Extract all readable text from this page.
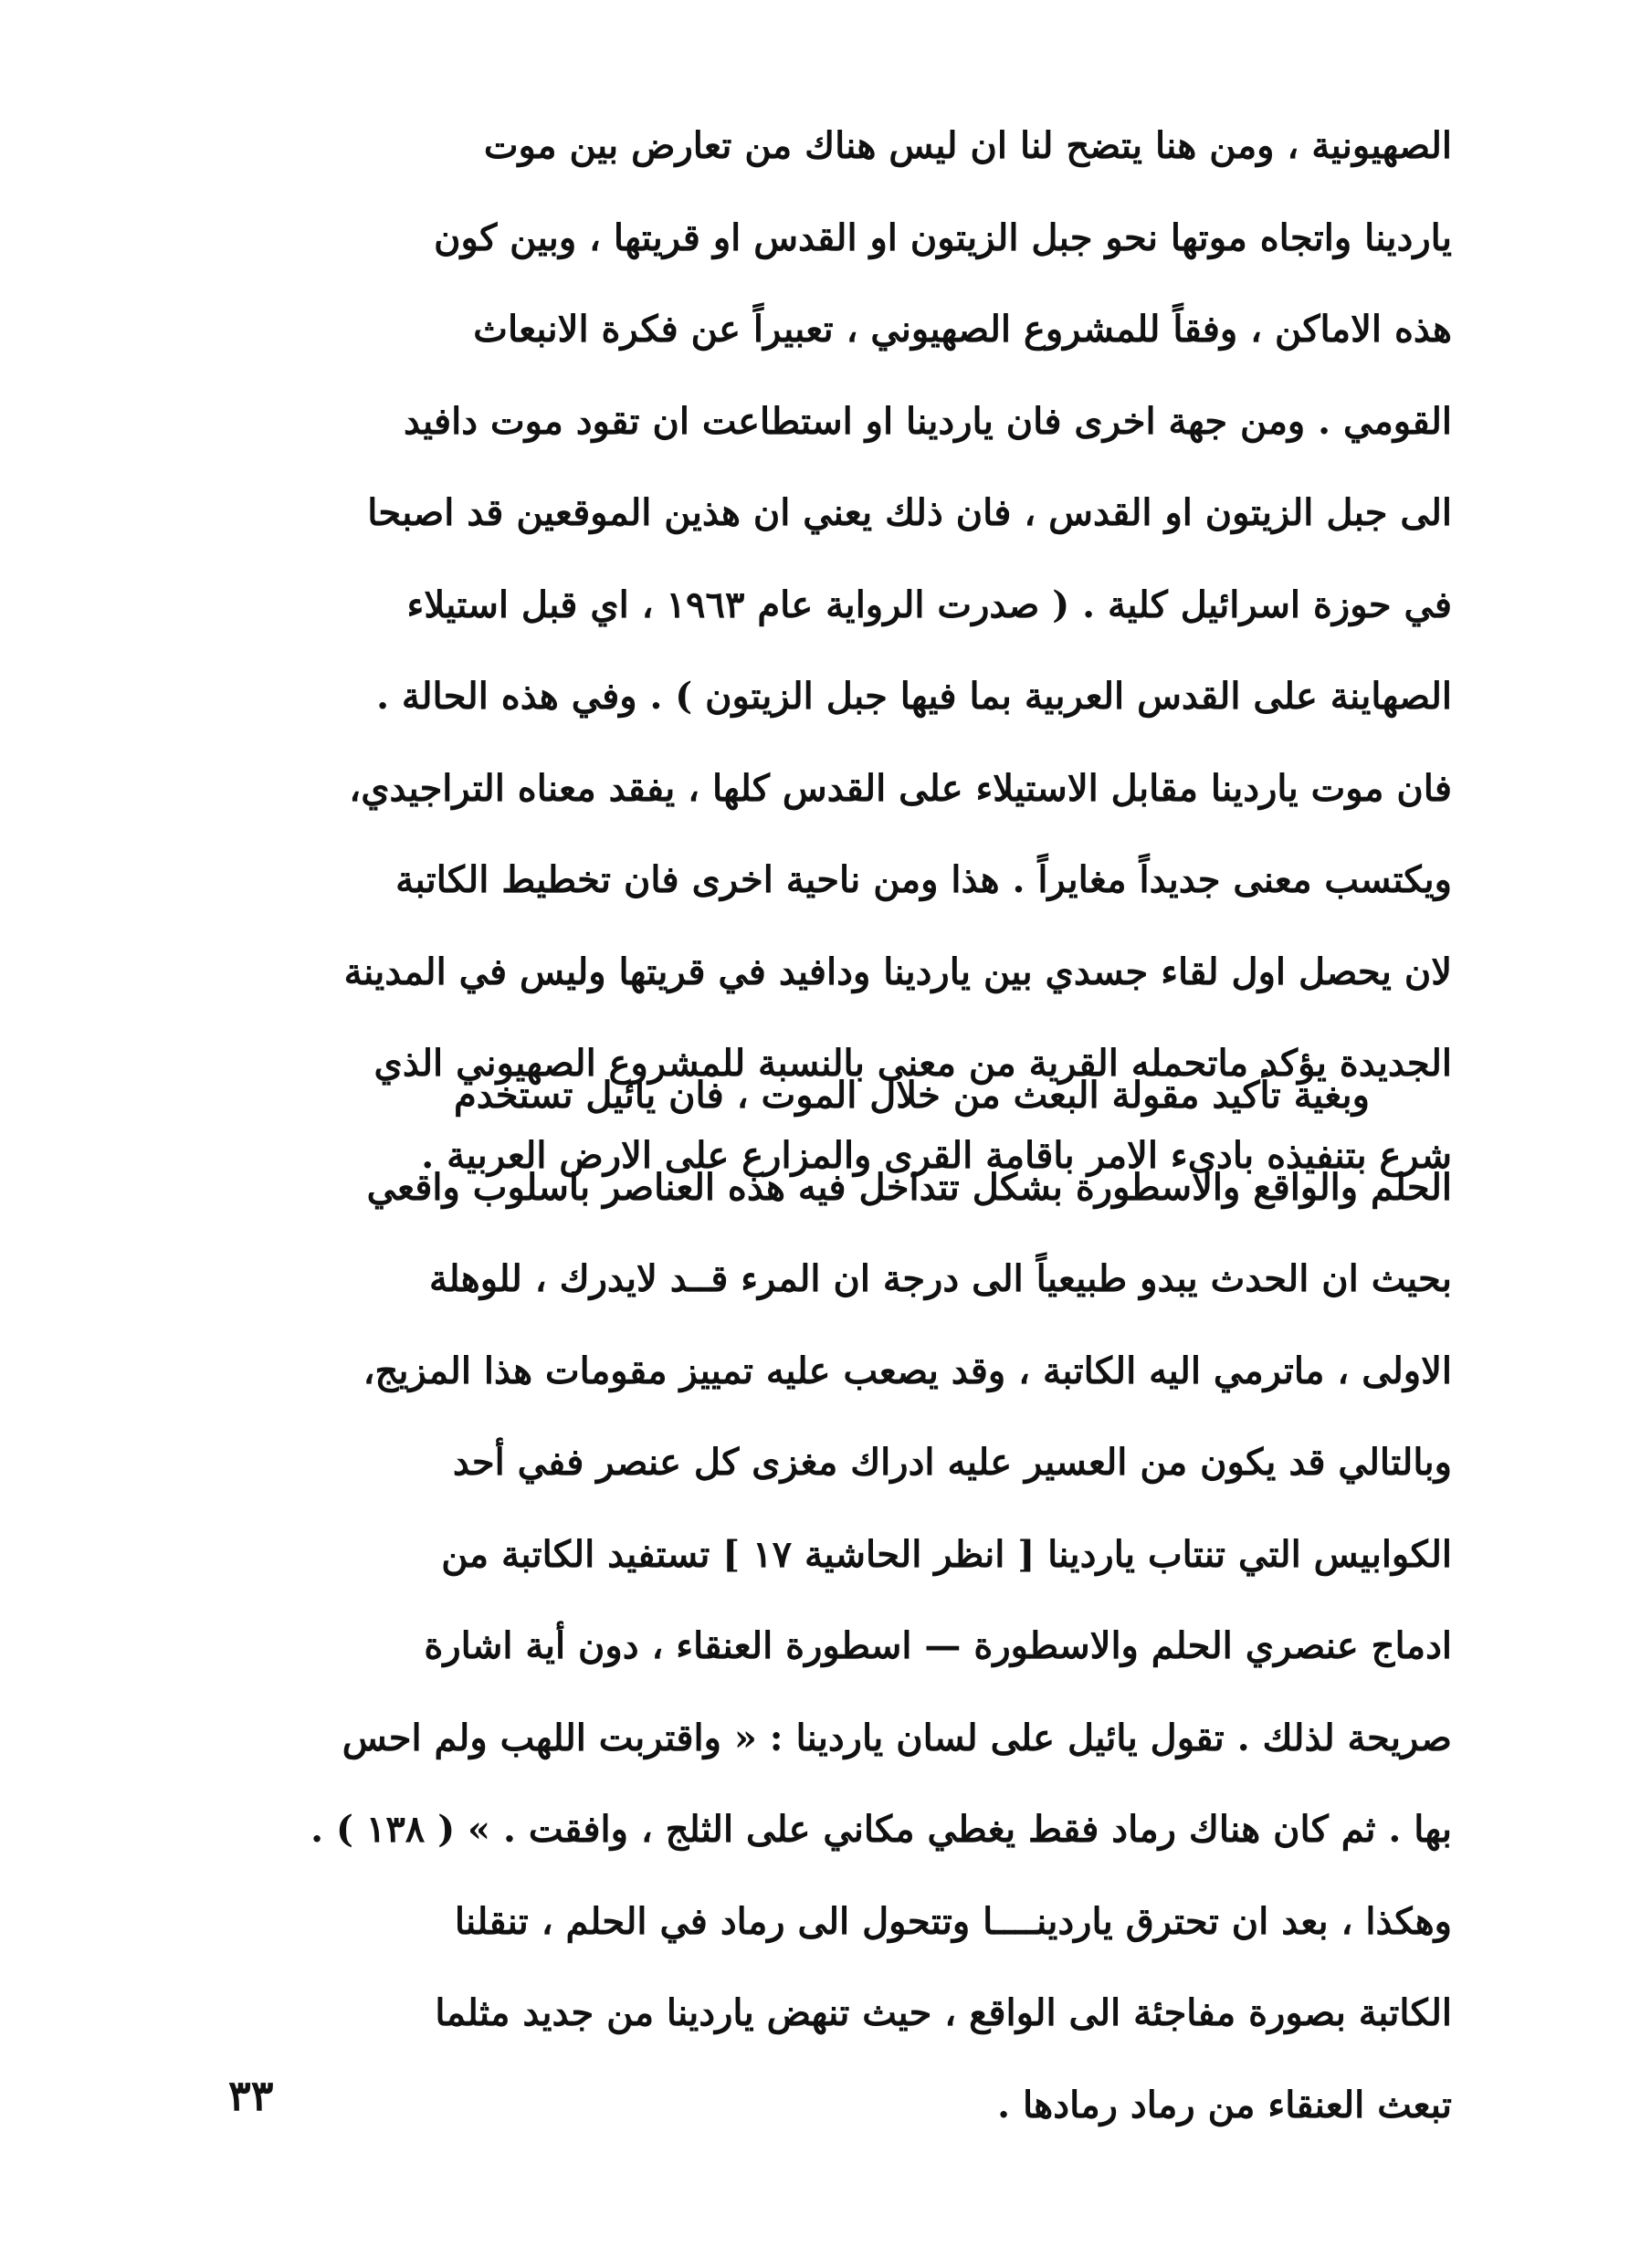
الصهيونية ، ومن هنا يتضح لنا ان ليس هناك من تعارض بين موت
ياردينا واتجاه موتها نحو جبل الزيتون او القدس او قريتها ، وبين كون
هذه الاماكن ، وفقاً للمشروع الصهيوني ، تعبيراً عن فكرة الانبعاث
القومي . ومن جهة اخرى فان ياردينا او استطاعت ان تقود موت دافيد
الى جبل الزيتون او القدس ، فان ذلك يعني ان هذين الموقعين قد اصبحا
في حوزة اسرائيل كلية . ( صدرت الرواية عام ١٩٦٣ ، اي قبل استيلاء
الصهاينة على القدس العربية بما فيها جبل الزيتون ) . وفي هذه الحالة .
فان موت ياردينا مقابل الاستيلاء على القدس كلها ، يفقد معناه التراجيدي،
ويكتسب معنى جديداً مغايراً . هذا ومن ناحية اخرى فان تخطيط الكاتبة
لان يحصل اول لقاء جسدي بين ياردينا ودافيد في قريتها وليس في المدينة
الجديدة يؤكد ماتحمله القرية من معنى بالنسبة للمشروع الصهيوني الذي
شرع بتنفيذه بادىء الامر باقامة القرى والمزارع على الارض العربية .
وبغية تأكيد مقولة البعث من خلال الموت ، فان يائيل تستخدم
الحلم والواقع والاسطورة بشكل تتداخل فيه هذه العناصر باسلوب واقعي
بحيث ان الحدث يبدو طبيعياً الى درجة ان المرء قــد لايدرك ، للوهلة
الاولى ، ماترمي اليه الكاتبة ، وقد يصعب عليه تمييز مقومات هذا المزيج،
وبالتالي قد يكون من العسير عليه ادراك مغزى كل عنصر ففي أحد
الكوابيس التي تنتاب ياردينا [ انظر الحاشية ١٧ ] تستفيد الكاتبة من
ادماج عنصري الحلم والاسطورة — اسطورة العنقاء ، دون أية اشارة
صريحة لذلك . تقول يائيل على لسان ياردينا : « واقتربت اللهب ولم احس
بها . ثم كان هناك رماد فقط يغطي مكاني على الثلج ، وافقت . » ( ١٣٨ ) .
وهكذا ، بعد ان تحترق ياردينــــا وتتحول الى رماد في الحلم ، تنقلنا
الكاتبة بصورة مفاجئة الى الواقع ، حيث تنهض ياردينا من جديد مثلما
تبعث العنقاء من رماد رمادها .
٣٣
